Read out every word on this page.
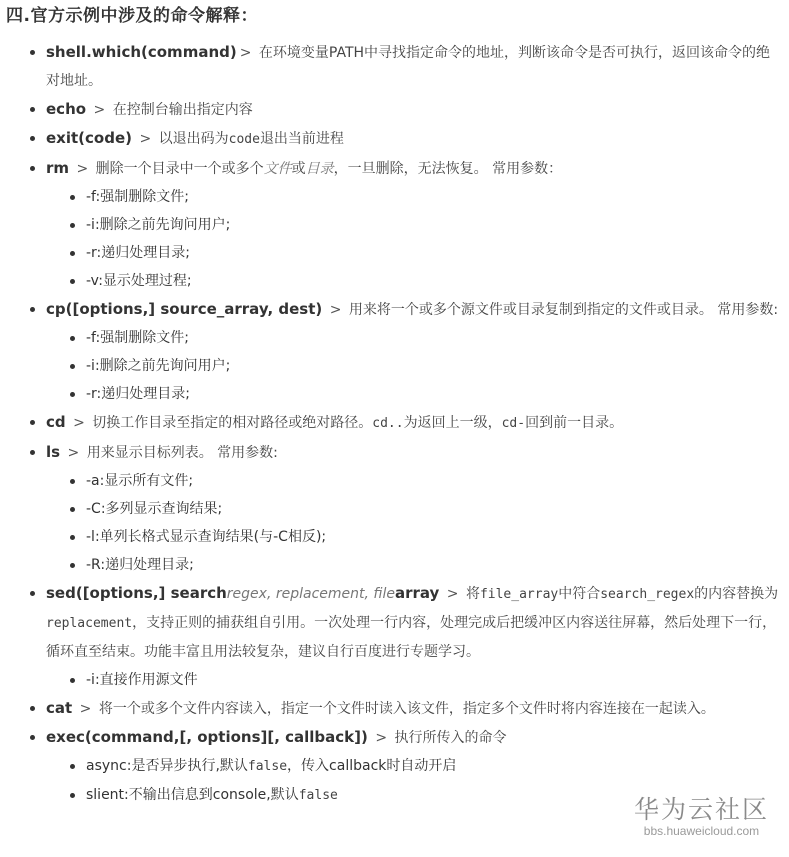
四.官方示例中涉及的命令解释：
shell.which(command) > 在环境变量PATH中寻找指定命令的地址，判断该命令是否可执行，返回该命令的绝对地址。
echo > 在控制台输出指定内容
exit(code) > 以退出码为code退出当前进程
rm > 删除一个目录中一个或多个文件或目录，一旦删除，无法恢复。 常用参数：
-f:强制删除文件;
-i:删除之前先询问用户;
-r:递归处理目录;
-v:显示处理过程;
cp([options,] source_array, dest) > 用来将一个或多个源文件或目录复制到指定的文件或目录。 常用参数:
-f:强制删除文件;
-i:删除之前先询问用户;
-r:递归处理目录;
cd > 切换工作目录至指定的相对路径或绝对路径。cd..为返回上一级，cd-回到前一目录。
ls > 用来显示目标列表。 常用参数:
-a:显示所有文件;
-C:多列显示查询结果;
-l:单列长格式显示查询结果(与-C相反);
-R:递归处理目录;
sed([options,] searchregex, replacement, filearray > 将file_array中符合search_regex的内容替换为replacement，支持正则的捕获组自引用。一次处理一行内容，处理完成后把缓冲区内容送往屏幕，然后处理下一行，循环直至结束。功能丰富且用法较复杂，建议自行百度进行专题学习。
-i:直接作用源文件
cat > 将一个或多个文件内容读入，指定一个文件时读入该文件，指定多个文件时将内容连接在一起读入。
exec(command,[, options][, callback]) > 执行所传入的命令
async:是否异步执行,默认false，传入callback时自动开启
slient:不输出信息到console,默认false	华为云社区
bbs.huaweicloud.com
